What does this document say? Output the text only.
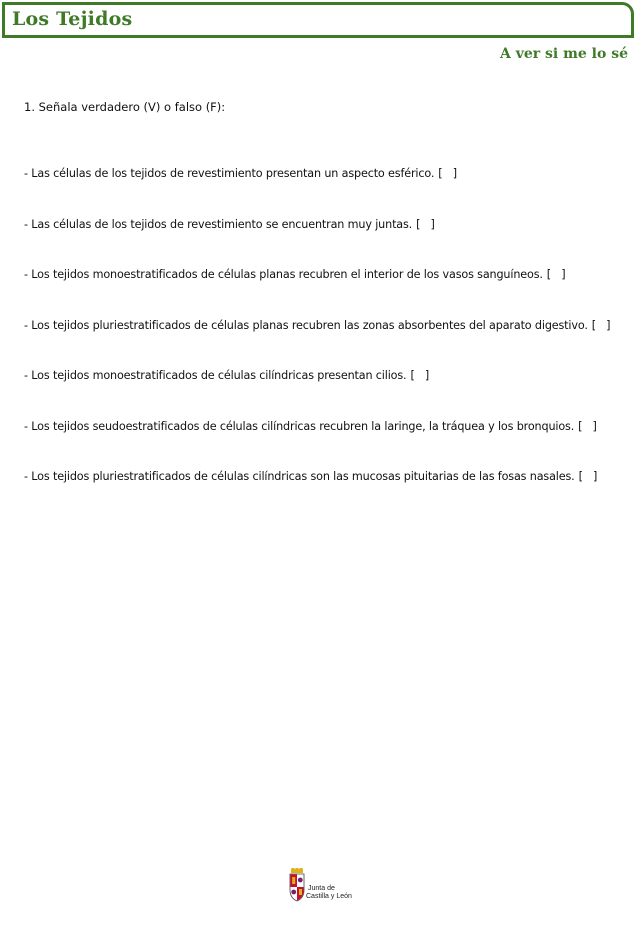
Los Tejidos
A ver si me lo sé
1. Señala verdadero (V) o falso (F):
- Las células de los tejidos de revestimiento presentan un aspecto esférico. [   ]
- Las células de los tejidos de revestimiento se encuentran muy juntas. [   ]
- Los tejidos monoestratificados de células planas recubren el interior de los vasos sanguíneos. [   ]
- Los tejidos pluriestratificados de células planas recubren las zonas absorbentes del aparato digestivo. [   ]
- Los tejidos monoestratificados de células cilíndricas presentan cilios. [   ]
- Los tejidos seudoestratificados de células cilíndricas recubren la laringe, la tráquea y los bronquios. [   ]
- Los tejidos pluriestratificados de células cilíndricas son las mucosas pituitarias de las fosas nasales. [   ]
Junta de
Castilla y León
